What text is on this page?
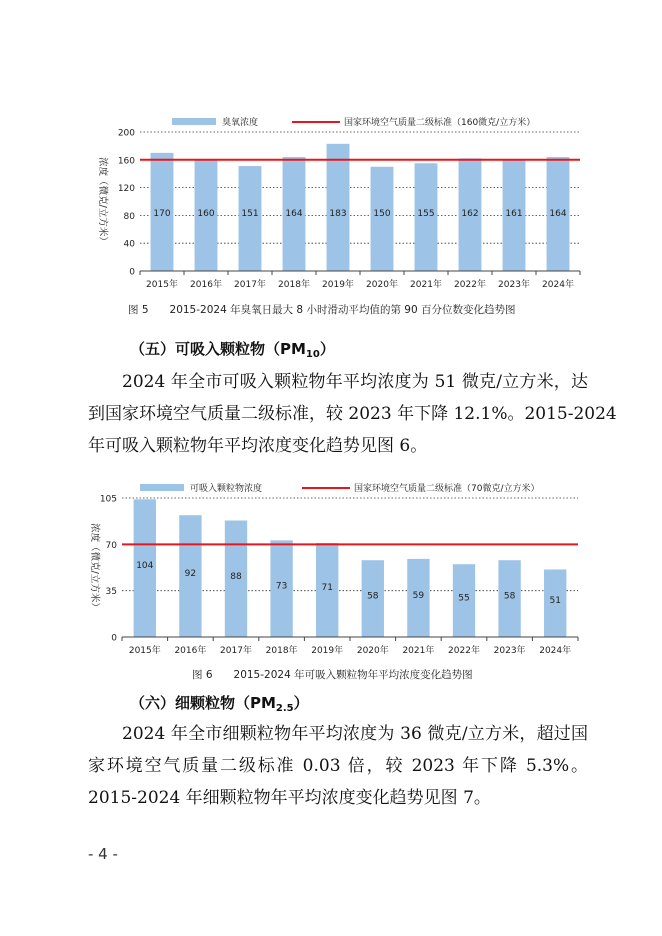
0
40
80
120
160
200
170	160	151	164	183	150	155	162	161	164
2015年 2016年 2017年 2018年 2019年 2020年 2021年 2022年 2023年 2024年
浓度（微克/立方米）
臭氧浓度	国家环境空气质量二级标准（160微克/立方米）
图 5　　2015-2024 年臭氧日最大 8 小时滑动平均值的第 90 百分位数变化趋势图
（五）可吸入颗粒物$(PM_{10})$
2024 年全市可吸入颗粒物年平均浓度为 51 微克/立方米，达
到国家环境空气质量二级标准，较 2023 年下降 12.1%。2015-2024
年可吸入颗粒物年平均浓度变化趋势见图 6。
0
35
70
105
104
92	88
73	71
58	59	55	58	51
2015年 2016年 2017年 2018年 2019年 2020年 2021年 2022年 2023年 2024年
浓度（微克/立方米）
可吸入颗粒物浓度	国家环境空气质量二级标准（70微克/立方米）
图 6　　2015-2024 年可吸入颗粒物年平均浓度变化趋势图
（六）细颗粒物$(PM_{2.5})$
2024 年全市细颗粒物年平均浓度为 36 微克/立方米，超过国
家环境空气质量二级标准 0.03 倍，较 2023 年下降 5.3%。
2015-2024 年细颗粒物年平均浓度变化趋势见图 7。
- 4 -
